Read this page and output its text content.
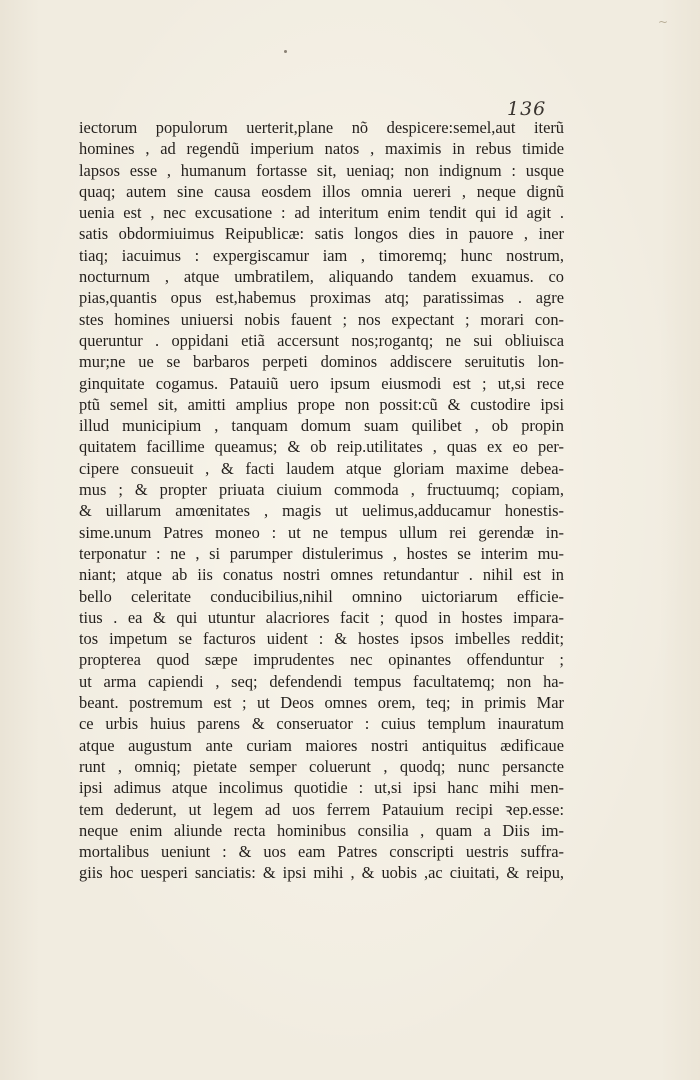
~
136
iectorum populorum uerterit,plane nõ despicere:semel,aut iterũ
homines , ad regendũ imperium natos , maximis in rebus timide
lapsos esse , humanum fortasse sit, ueniaq; non indignum : usque
quaq; autem sine causa eosdem illos omnia uereri , neque dignũ
uenia est , nec excusatione : ad interitum enim tendit qui id agit .
satis obdormiuimus Reipublicæ: satis longos dies in pauore , iner
tiaq; iacuimus : expergiscamur iam , timoremq; hunc nostrum,
nocturnum , atque umbratilem, aliquando tandem exuamus. co
pias,quantis opus est,habemus proximas atq; paratissimas . agre
stes homines uniuersi nobis fauent ; nos expectant ; morari con-
queruntur . oppidani etiã accersunt nos;rogantq; ne sui obliuisca
mur;ne ue se barbaros perpeti dominos addiscere seruitutis lon-
ginquitate cogamus. Patauiũ uero ipsum eiusmodi est ; ut,si rece
ptũ semel sit, amitti amplius prope non possit:cũ & custodire ipsi
illud municipium , tanquam domum suam quilibet , ob propin
quitatem facillime queamus; & ob reip.utilitates , quas ex eo per-
cipere consueuit , & facti laudem atque gloriam maxime debea-
mus ; & propter priuata ciuium commoda , fructuumq; copiam,
& uillarum amœnitates , magis ut uelimus,adducamur honestis-
sime.unum Patres moneo : ut ne tempus ullum rei gerendæ in-
terponatur : ne , si parumper distulerimus , hostes se interim mu-
niant; atque ab iis conatus nostri omnes retundantur . nihil est in
bello celeritate conducibilius,nihil omnino uictoriarum efficie-
tius . ea & qui utuntur alacriores facit ; quod in hostes impara-
tos impetum se facturos uident : & hostes ipsos imbelles reddit;
propterea quod sæpe imprudentes nec opinantes offenduntur ;
ut arma capiendi , seq; defendendi tempus facultatemq; non ha-
beant. postremum est ; ut Deos omnes orem, teq; in primis Mar
ce urbis huius parens & conseruator : cuius templum inauratum
atque augustum ante curiam maiores nostri antiquitus ædificaue
runt , omniq; pietate semper coluerunt , quodq; nunc persancte
ipsi adimus atque incolimus quotidie : ut,si ipsi hanc mihi men-
tem dederunt, ut legem ad uos ferrem Patauium recipi ꝛep.esse:
neque enim aliunde recta hominibus consilia , quam a Diis im-
mortalibus ueniunt : & uos eam Patres conscripti uestris suffra-
giis hoc uesperi sanciatis: & ipsi mihi , & uobis ,ac ciuitati, & reipu,
